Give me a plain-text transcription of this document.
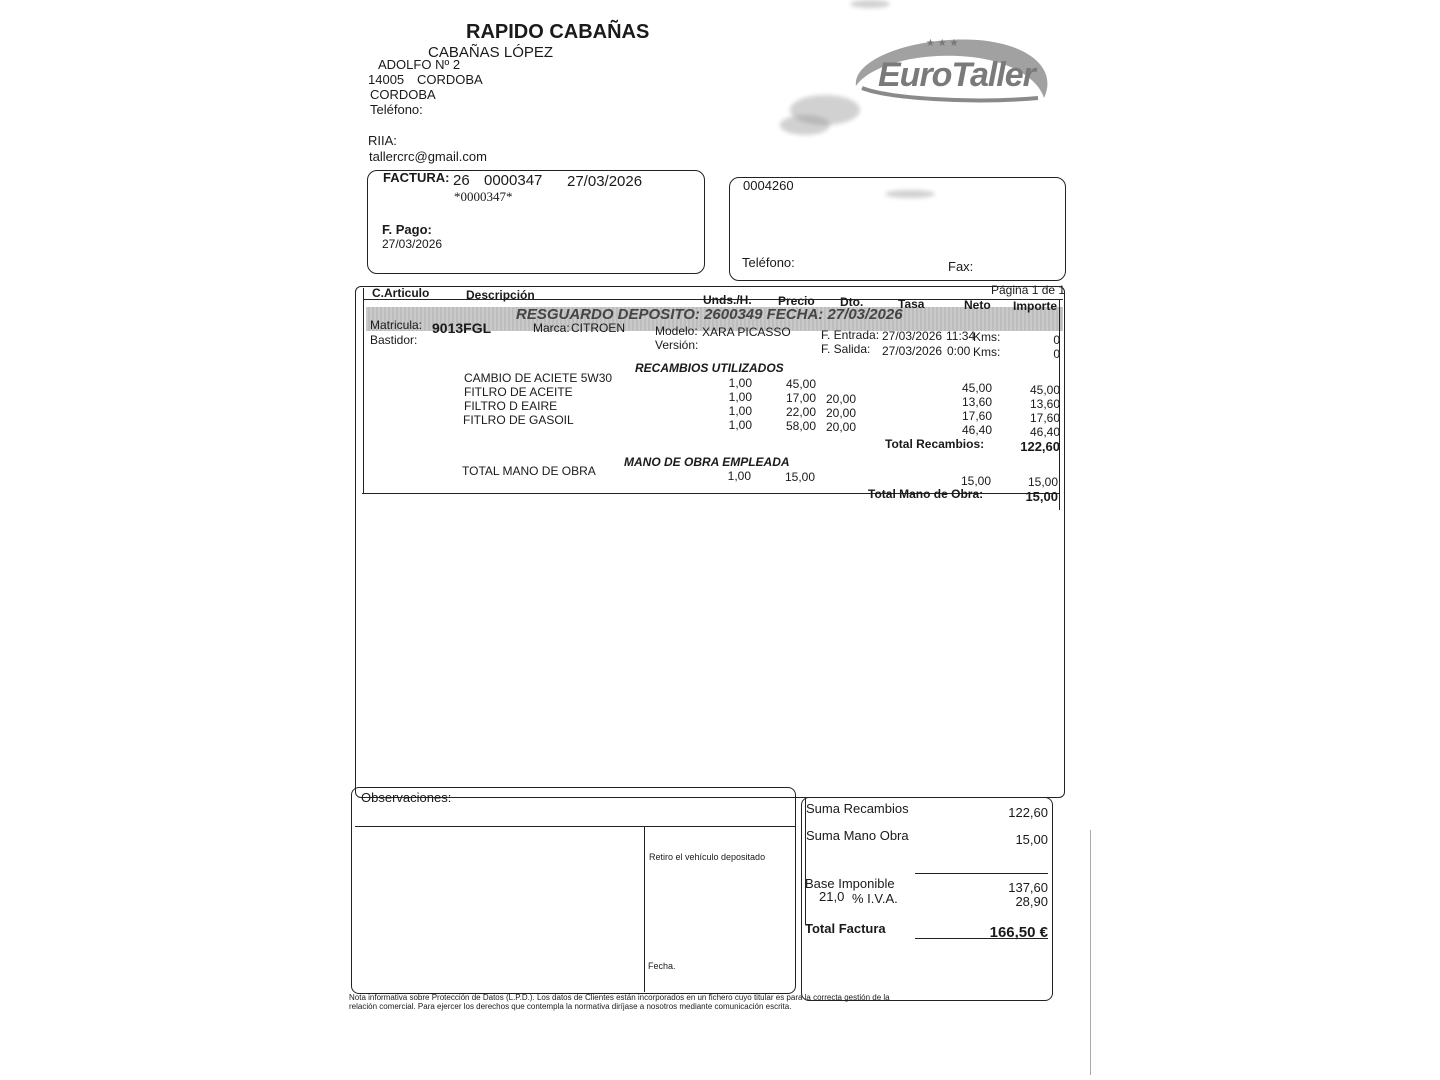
RAPIDO CABAÑAS
CABAÑAS LÓPEZ
ADOLFO Nº 2
14005 CORDOBA
CORDOBA
Teléfono:
RIIA:
tallercrc@gmail.com
★ ★ ★
EuroTaller
FACTURA: 26 0000347 27/03/2026
*0000347*
F. Pago:
27/03/2026
0004260
Teléfono:	Fax:
Página 1 de 1
C.Articulo	Descripción	Unds./H. Precio Dto.	Tasa	Neto Importe
RESGUARDO DEPOSITO: 2600349 FECHA: 27/03/2026
Matricula: 9013FGL	Marca: CITROEN	Modelo: XARA PICASSO
Versión:
Bastidor:	F. Entrada: 27/03/2026 11:34
Kms:	0
F. Salida: 27/03/2026 0:00 Kms:	0
RECAMBIOS UTILIZADOS
CAMBIO DE ACIETE 5W30	1,00	45,00	45,00	45,00
FITLRO DE ACEITE	1,00	17,00 20,00	13,60	13,60
FILTRO D EAIRE	1,00	22,00 20,00	17,60	17,60
FITLRO DE GASOIL	1,00	58,00 20,00	46,40	46,40
Total Recambios:	122,60
MANO DE OBRA EMPLEADA
TOTAL MANO DE OBRA	1,00	15,00	15,00	15,00
Total Mano de Obra:	15,00
Observaciones:
Retiro el vehículo depositado
Fecha.
Suma Recambios	122,60
Suma Mano Obra	15,00
Base Imponible	137,60
21,0 % I.V.A.	28,90
Total Factura	166,50 €
Nota informativa sobre Protección de Datos (L.P.D.). Los datos de Clientes están incorporados en un fichero cuyo titular es para la correcta gestión de la
relación comercial. Para ejercer los derechos que contempla la normativa diríjase a nosotros mediante comunicación escrita.
